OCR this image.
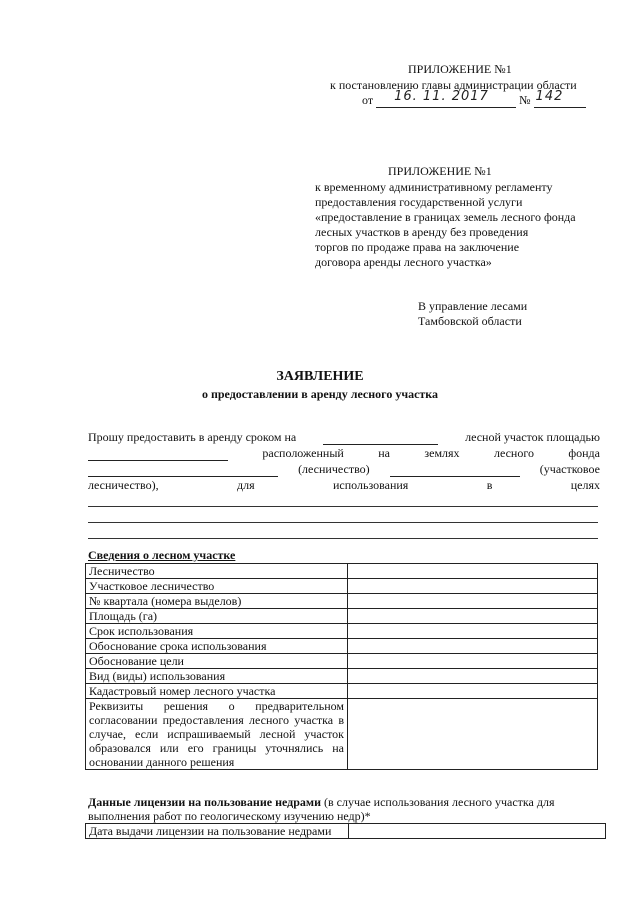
ПРИЛОЖЕНИЕ №1
к постановлению главы администрации области
от 16. 11. 2017	№ 142
ПРИЛОЖЕНИЕ №1
к временному административному регламенту
предоставления государственной услуги
«предоставление в границах земель лесного фонда
лесных участков в аренду без проведения
торгов по продаже права на заключение
договора аренды лесного участка»
В управление лесами
Тамбовской области
ЗАЯВЛЕНИЕ
о предоставлении в аренду лесного участка
Прошу предоставить в аренду сроком на	лесной участок площадью
расположенный	на	землях	лесного	фонда
(лесничество)	(участковое
лесничество),	для	использования	в	целях
Сведения о лесном участке
Лесничество	
Участковое лесничество	
№ квартала (номера выделов)	
Площадь (га)	
Срок использования	
Обоснование срока использования	
Обоснование цели	
Вид (виды) использования	
Кадастровый номер лесного участка	
Реквизиты решения о предварительном согласовании предоставления лесного участка в случае, если испрашиваемый лесной участок образовался или его границы уточнялись на основании данного решения	
Данные лицензии на пользование недрами (в случае использования лесного участка для выполнения работ по геологическому изучению недр)*
Дата выдачи лицензии на пользование недрами	
